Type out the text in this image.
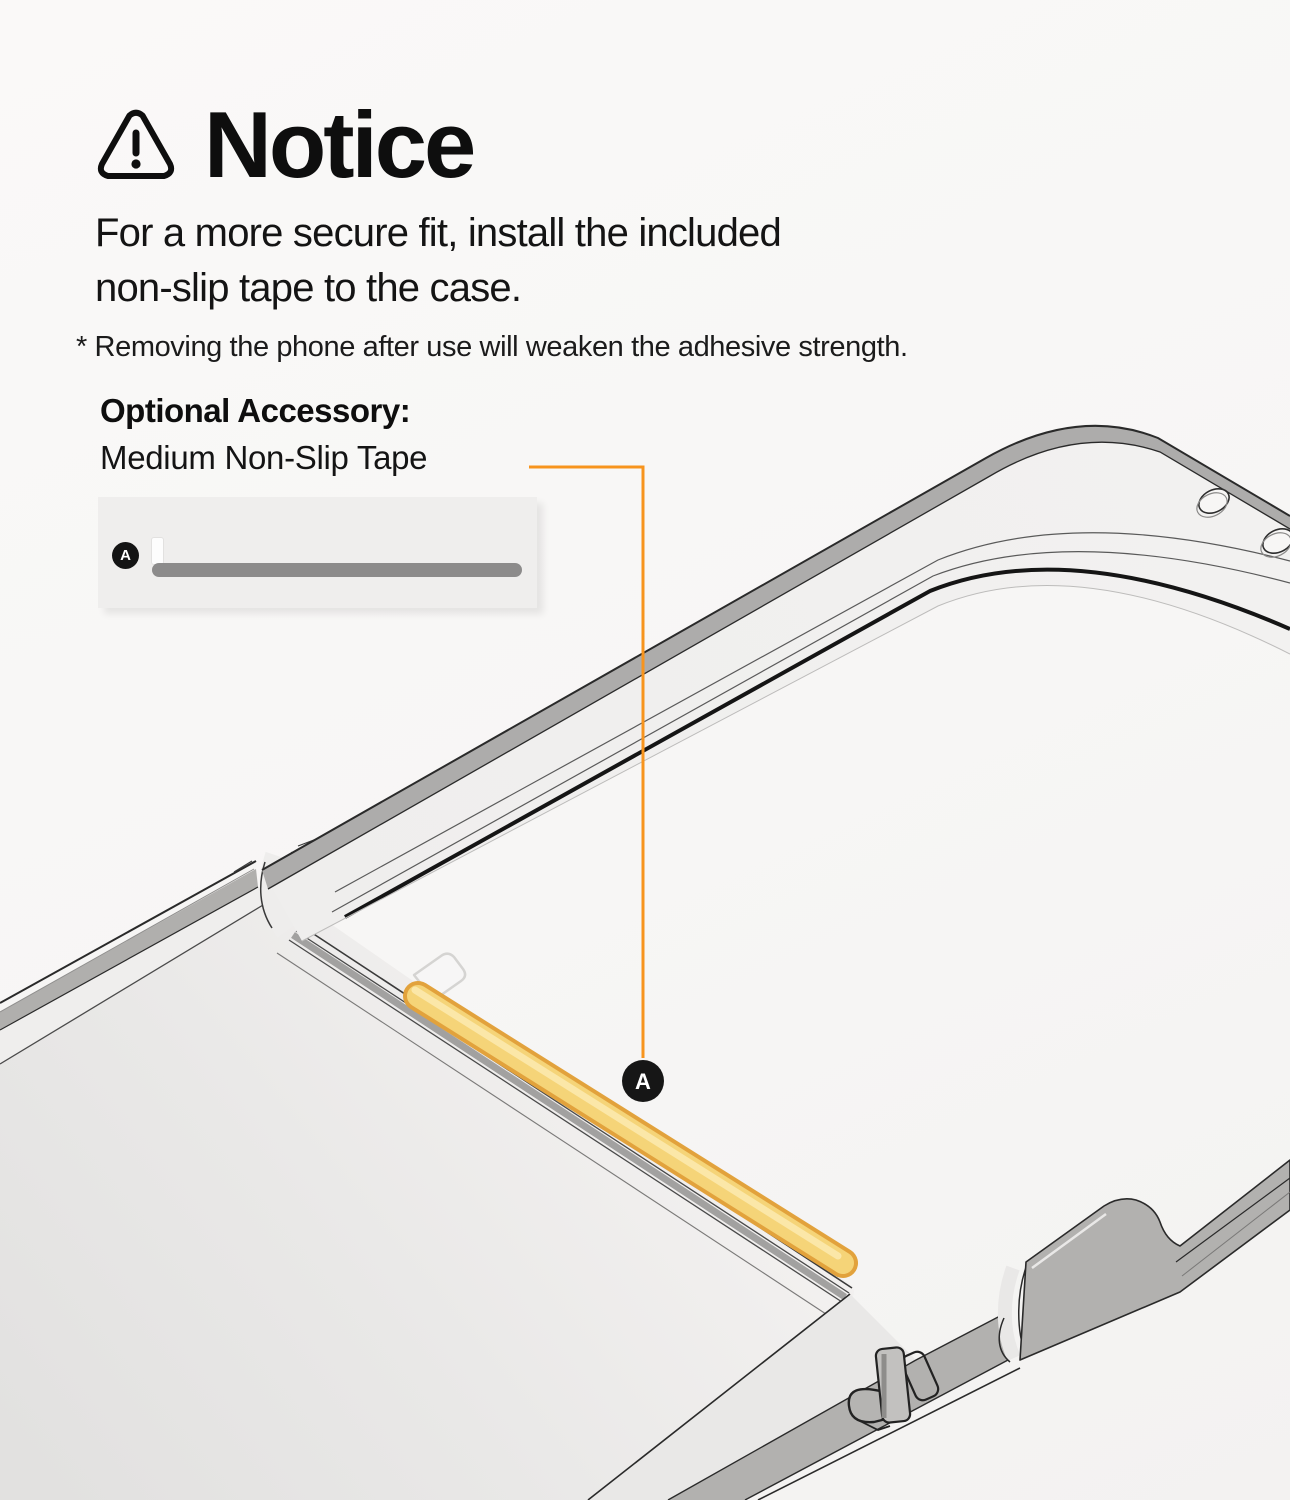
A
Notice
For a more secure fit, install the included
non-slip tape to the case.
* Removing the phone after use will weaken the adhesive strength.
Optional Accessory:
Medium Non-Slip Tape
A
